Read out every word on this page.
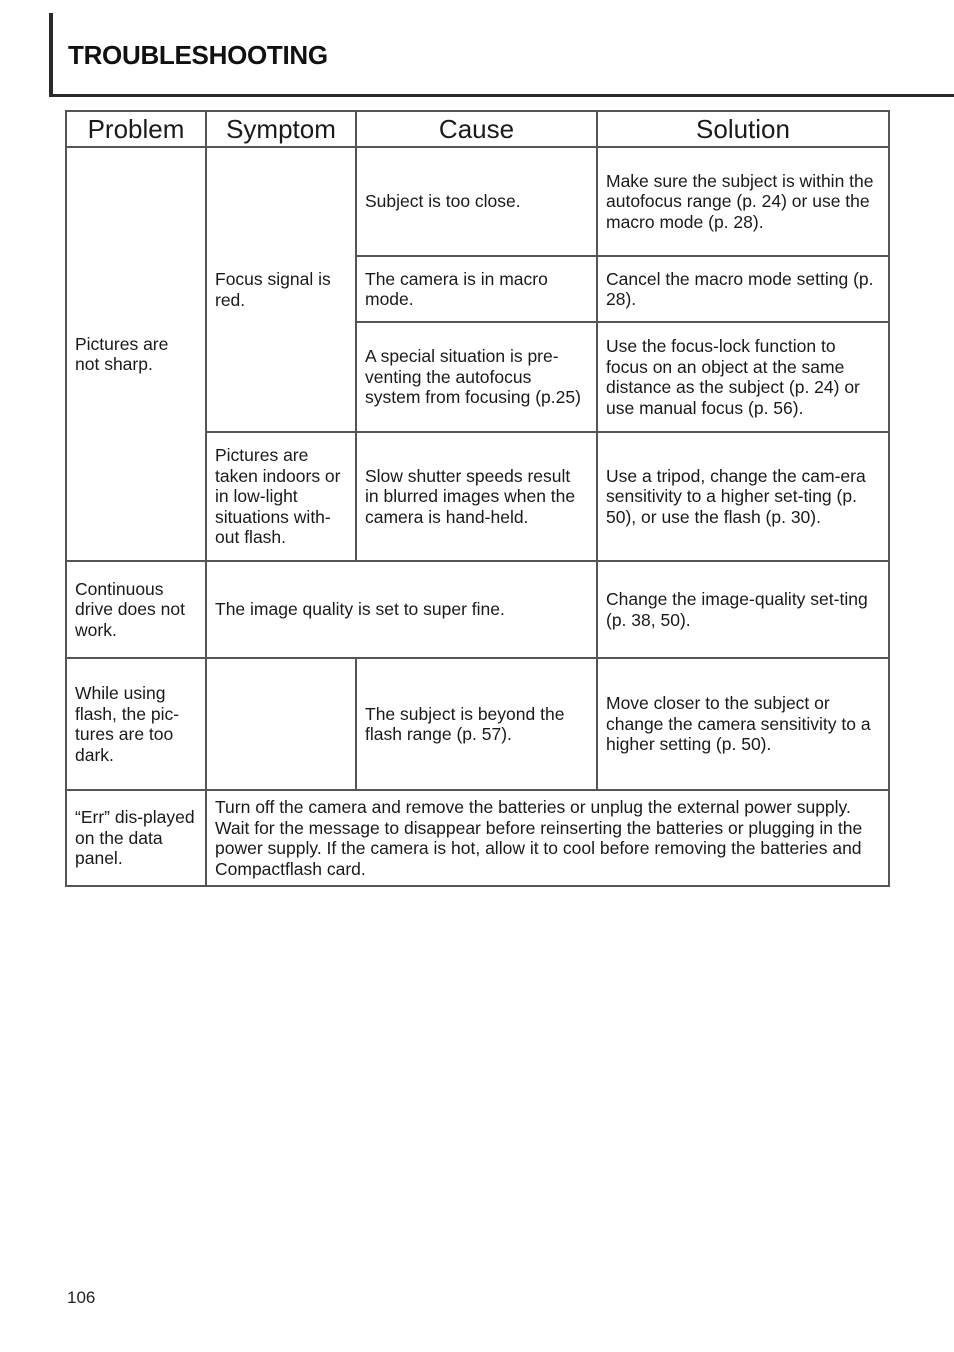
TROUBLESHOOTING
Problem	Symptom	Cause	Solution
Pictures are not sharp.	Focus signal is red.	Subject is too close.	Make sure the subject is within the autofocus range (p. 24) or use the macro mode (p. 28).
		The camera is in macro mode.	Cancel the macro mode setting (p. 28).
		A special situation is pre-venting the autofocus system from focusing (p.25)	Use the focus-lock function to focus on an object at the same distance as the subject (p. 24) or use manual focus (p. 56).
	Pictures are taken indoors or in low-light situations with-out flash.	Slow shutter speeds result in blurred images when the camera is hand-held.	Use a tripod, change the cam-era sensitivity to a higher set-ting (p. 50), or use the flash (p. 30).
Continuous drive does not work.	The image quality is set to super fine.		Change the image-quality set-ting (p. 38, 50).
While using flash, the pic-tures are too dark.		The subject is beyond the flash range (p. 57).	Move closer to the subject or change the camera sensitivity to a higher setting (p. 50).
“Err” dis-played on the data panel.	Turn off the camera and remove the batteries or unplug the external power supply. Wait for the message to disappear before reinserting the batteries or plugging in the power supply. If the camera is hot, allow it to cool before removing the batteries and Compactflash card.		
106
